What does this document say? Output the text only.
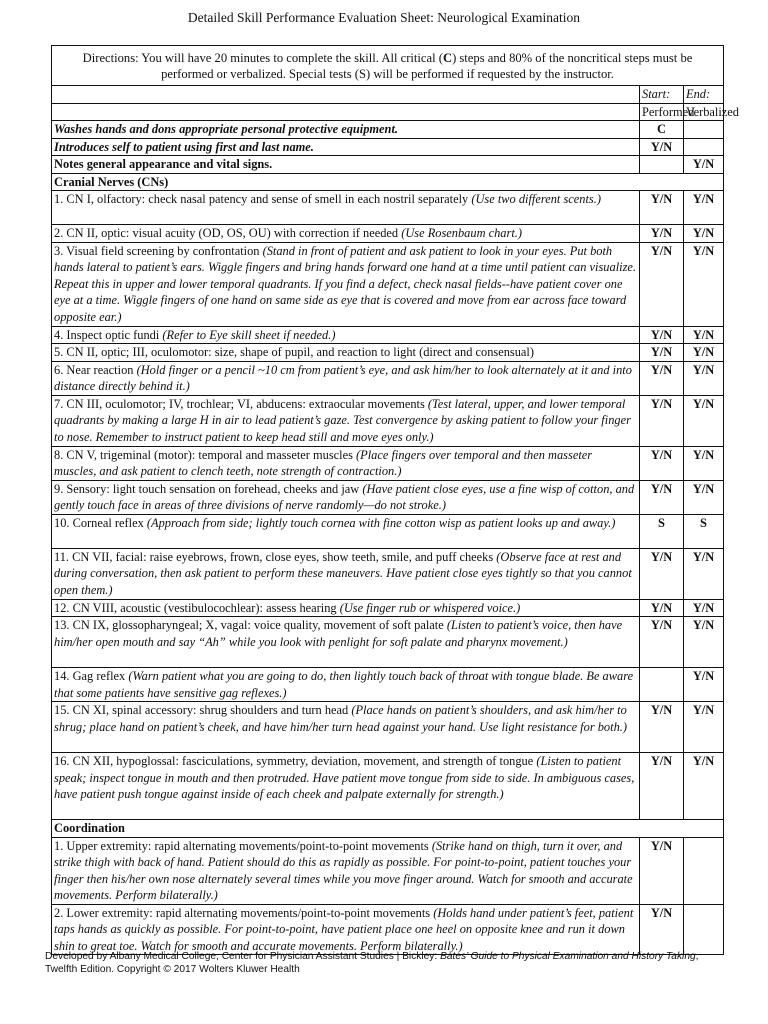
Detailed Skill Performance Evaluation Sheet: Neurological Examination
Directions: You will have 20 minutes to complete the skill. All critical (C) steps and 80% of the noncritical steps must be performed or verbalized. Special tests (S) will be performed if requested by the instructor.		
	Start:	End:
	Performed	Verbalized
Washes hands and dons appropriate personal protective equipment.	C	
Introduces self to patient using first and last name.	Y/N	
Notes general appearance and vital signs.		Y/N
Cranial Nerves (CNs)		
1. CN I, olfactory: check nasal patency and sense of smell in each nostril separately (Use two different scents.)	Y/N	Y/N
2. CN II, optic: visual acuity (OD, OS, OU) with correction if needed (Use Rosenbaum chart.)	Y/N	Y/N
3. Visual field screening by confrontation (Stand in front of patient and ask patient to look in your eyes. Put both hands lateral to patient’s ears. Wiggle fingers and bring hands forward one hand at a time until patient can visualize. Repeat this in upper and lower temporal quadrants. If you find a defect, check nasal fields--have patient cover one eye at a time. Wiggle fingers of one hand on same side as eye that is covered and move from ear across face toward opposite ear.)	Y/N	Y/N
4. Inspect optic fundi (Refer to Eye skill sheet if needed.)	Y/N	Y/N
5. CN II, optic; III, oculomotor: size, shape of pupil, and reaction to light (direct and consensual)	Y/N	Y/N
6. Near reaction (Hold finger or a pencil ~10 cm from patient’s eye, and ask him/her to look alternately at it and into distance directly behind it.)	Y/N	Y/N
7. CN III, oculomotor; IV, trochlear; VI, abducens: extraocular movements (Test lateral, upper, and lower temporal quadrants by making a large H in air to lead patient’s gaze. Test convergence by asking patient to follow your finger to nose. Remember to instruct patient to keep head still and move eyes only.)	Y/N	Y/N
8. CN V, trigeminal (motor): temporal and masseter muscles (Place fingers over temporal and then masseter muscles, and ask patient to clench teeth, note strength of contraction.)	Y/N	Y/N
9. Sensory: light touch sensation on forehead, cheeks and jaw (Have patient close eyes, use a fine wisp of cotton, and gently touch face in areas of three divisions of nerve randomly—do not stroke.)	Y/N	Y/N
10. Corneal reflex (Approach from side; lightly touch cornea with fine cotton wisp as patient looks up and away.)	S	S
11. CN VII, facial: raise eyebrows, frown, close eyes, show teeth, smile, and puff cheeks (Observe face at rest and during conversation, then ask patient to perform these maneuvers. Have patient close eyes tightly so that you cannot open them.)	Y/N	Y/N
12. CN VIII, acoustic (vestibulocochlear): assess hearing (Use finger rub or whispered voice.)	Y/N	Y/N
13. CN IX, glossopharyngeal; X, vagal: voice quality, movement of soft palate (Listen to patient’s voice, then have him/her open mouth and say “Ah” while you look with penlight for soft palate and pharynx movement.)	Y/N	Y/N
14. Gag reflex (Warn patient what you are going to do, then lightly touch back of throat with tongue blade. Be aware that some patients have sensitive gag reflexes.)		Y/N
15. CN XI, spinal accessory: shrug shoulders and turn head (Place hands on patient’s shoulders, and ask him/her to shrug; place hand on patient’s cheek, and have him/her turn head against your hand. Use light resistance for both.)	Y/N	Y/N
16. CN XII, hypoglossal: fasciculations, symmetry, deviation, movement, and strength of tongue (Listen to patient speak; inspect tongue in mouth and then protruded. Have patient move tongue from side to side. In ambiguous cases, have patient push tongue against inside of each cheek and palpate externally for strength.)	Y/N	Y/N
Coordination		
1. Upper extremity: rapid alternating movements/point-to-point movements (Strike hand on thigh, turn it over, and strike thigh with back of hand. Patient should do this as rapidly as possible. For point-to-point, patient touches your finger then his/her own nose alternately several times while you move finger around. Watch for smooth and accurate movements. Perform bilaterally.)	Y/N	
2. Lower extremity: rapid alternating movements/point-to-point movements (Holds hand under patient’s feet, patient taps hands as quickly as possible. For point-to-point, have patient place one heel on opposite knee and run it down shin to great toe. Watch for smooth and accurate movements. Perform bilaterally.)	Y/N	
Developed by Albany Medical College, Center for Physician Assistant Studies | Bickley: Bates’ Guide to Physical Examination and History Taking, Twelfth Edition. Copyright © 2017 Wolters Kluwer Health
